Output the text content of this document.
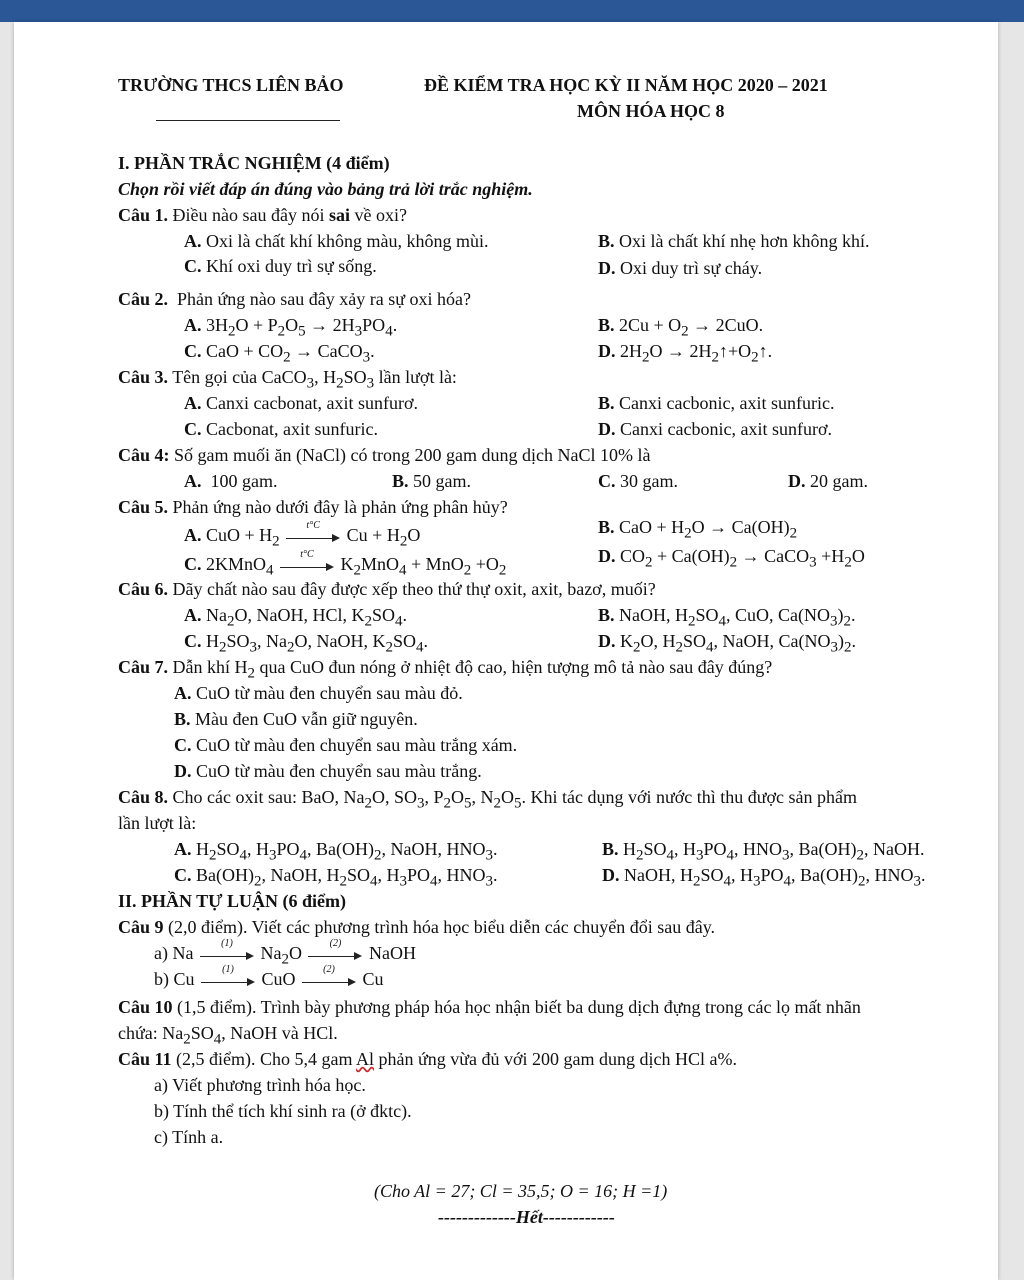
TRƯỜNG THCS LIÊN BẢO	ĐỀ KIỂM TRA HỌC KỲ II NĂM HỌC 2020 – 2021
MÔN HÓA HỌC 8
I. PHẦN TRẮC NGHIỆM (4 điểm)
Chọn rồi viết đáp án đúng vào bảng trả lời trắc nghiệm.
Câu 1. Điều nào sau đây nói sai về oxi?
A. Oxi là chất khí không màu, không mùi.	B. Oxi là chất khí nhẹ hơn không khí.
C. Khí oxi duy trì sự sống.	D. Oxi duy trì sự cháy.
Câu 2. Phản ứng nào sau đây xảy ra sự oxi hóa?
A. $3H_2O + P_2O_5 \to 2H_3PO_4$.	B. $2Cu + O_2 \to 2CuO$.
C. CaO + $CO_2$ → CaCO$_3$.	D. $2H_2O$ → $2H_2↑+O_2↑$.
Câu 3. Tên gọi của CaCO$_3$, $H_2SO_3$ lần lượt là:
A. Canxi cacbonat, axit sunfurơ.	B. Canxi cacbonic, axit sunfuric.
C. Cacbonat, axit sunfuric.	D. Canxi cacbonic, axit sunfurơ.
Câu 4: Số gam muối ăn (NaCl) có trong 200 gam dung dịch NaCl 10% là
A. 100 gam.	B. 50 gam.	C. 30 gam.	D. 20 gam.
Câu 5. Phản ứng nào dưới đây là phản ứng phân hủy?
A. CuO + $H_2$
t°C	$Cu + H_2O$	B. CaO + $H_2O \to Ca(OH)_2$
C. 2KMnO$_4$
t°C	$K_2MnO_4 + MnO_2 +O_2$
D. $CO_2 + Ca(OH)_2$ → CaCO$_3$ $+H_2O$
Câu 6. Dãy chất nào sau đây được xếp theo thứ thự oxit, axit, bazơ, muối?
A. $Na_2O$, NaOH, HCl, $K_2SO_4$.	B. NaOH, $H_2SO_4$, CuO, $Ca(NO_3)_2$.
C. $H_2SO_3$, $Na_2O$, NaOH, $K_2SO_4$.	D. $K_2O$, $H_2SO_4$, NaOH, $Ca(NO_3)_2$.
Câu 7. Dẫn khí $H_2$ qua CuO đun nóng ở nhiệt độ cao, hiện tượng mô tả nào sau đây đúng?
A. CuO từ màu đen chuyển sau màu đỏ.
B. Màu đen CuO vẫn giữ nguyên.
C. CuO từ màu đen chuyển sau màu trắng xám.
D. CuO từ màu đen chuyển sau màu trắng.
Câu 8. Cho các oxit sau: BaO, $Na_2O$, $SO_3$, $P_2O_5$, $N_2O_5$. Khi tác dụng với nước thì thu được sản phẩm
lần lượt là:
A. $H_2SO_4$, $H_3PO_4$, $Ba(OH)_2$, NaOH, $HNO_3$.	B. $H_2SO_4$, $H_3PO_4$, $HNO_3$, $Ba(OH)_2$, NaOH.
C. $Ba(OH)_2$, NaOH, $H_2SO_4$, $H_3PO_4$, $HNO_3$.	D. NaOH, $H_2SO_4$, $H_3PO_4$, $Ba(OH)_2$, $HNO_3$.
II. PHẦN TỰ LUẬN (6 điểm)
Câu 9 (2,0 điểm). Viết các phương trình hóa học biểu diễn các chuyển đổi sau đây.
a) Na	(1)	$Na_2O$	(2)	NaOH
b) Cu	(1)	CuO	(2)	Cu
Câu 10 (1,5 điểm). Trình bày phương pháp hóa học nhận biết ba dung dịch đựng trong các lọ mất nhãn
chứa: $Na_2SO_4$, NaOH và HCl.
Câu 11 (2,5 điểm). Cho 5,4 gam Al phản ứng vừa đủ với 200 gam dung dịch HCl a%.
a) Viết phương trình hóa học.
b) Tính thể tích khí sinh ra (ở đktc).
c) Tính a.
(Cho Al = 27; Cl = 35,5; O = 16; H =1)
-------------Hết------------
